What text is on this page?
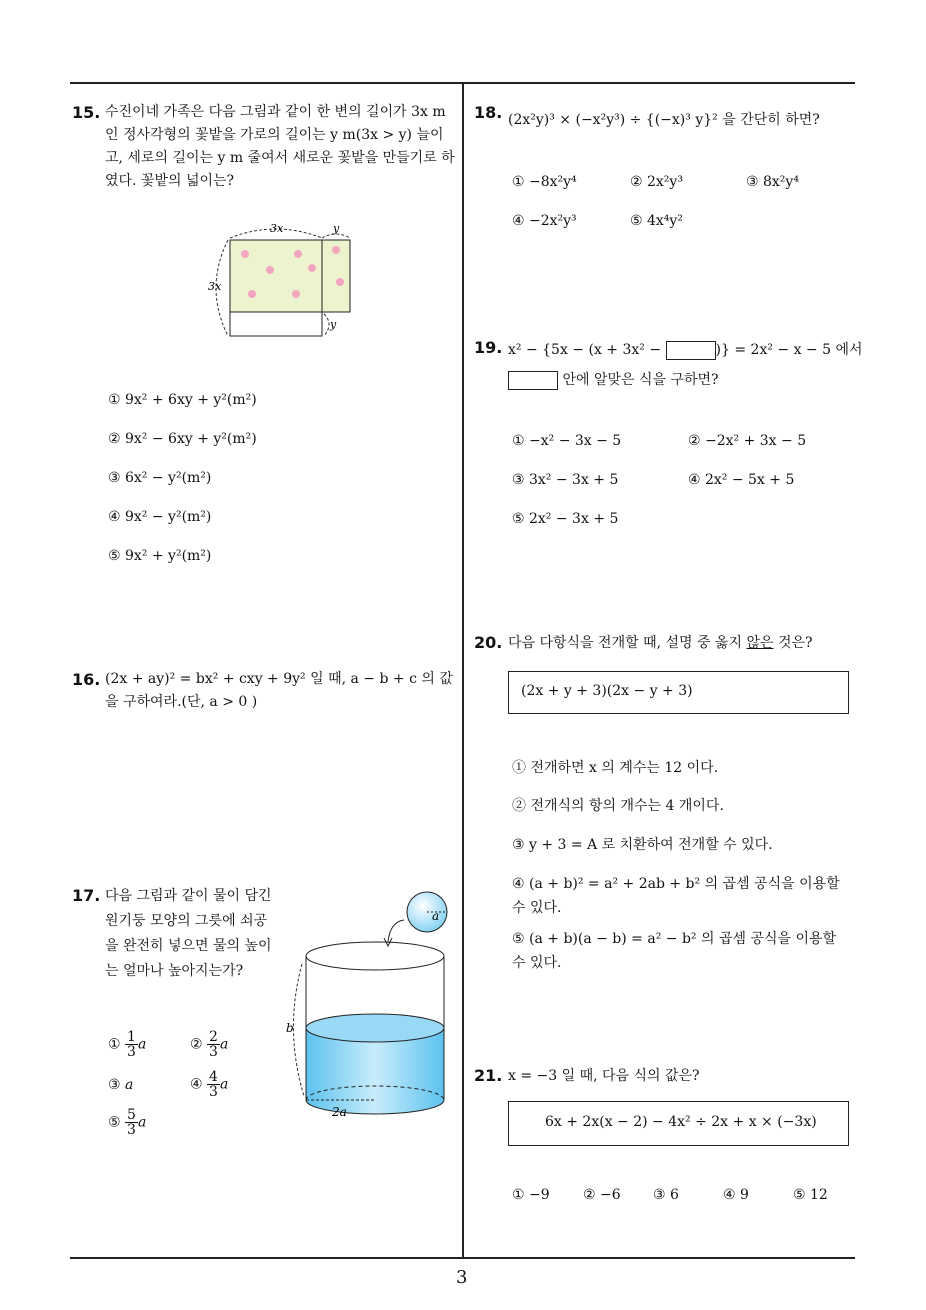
15. 수진이네 가족은 다음 그림과 같이 한 변의 길이가 3x m 인 정사각형의 꽃밭을 가로의 길이는 y m(3x > y) 늘이고, 세로의 길이는 y m 줄여서 새로운 꽃밭을 만들기로 하였다. 꽃밭의 넓이는?
3x	y
3x
y
① 9x² + 6xy + y²(m²)
② 9x² − 6xy + y²(m²)
③ 6x² − y²(m²)
④ 9x² − y²(m²)
⑤ 9x² + y²(m²)
16. (2x + ay)² = bx² + cxy + 9y² 일 때, a − b + c 의 값을 구하여라.(단, a > 0 )
17. 다음 그림과 같이 물이 담긴 원기둥 모양의 그릇에 쇠공을 완전히 넣으면 물의 높이는 얼마나 높아지는가?
① $\frac{1}{3}$ a	② $\frac{2}{3}$ a
③ a	④ $\frac{4}{3}$ a
⑤ $\frac{5}{3}$ a
a
b
2a
18. (2x²y)³ × (−x²y³) ÷ {(−x)³ y}² 을 간단히 하면?
① −8x²y⁴	② 2x²y³	③ 8x²y⁴
④ −2x²y³	⑤ 4x⁴y²
19. x² − {5x − (x + 3x² −	)} = 2x² − x − 5 에서
안에 알맞은 식을 구하면?
① −x² − 3x − 5	② −2x² + 3x − 5
③ 3x² − 3x + 5	④ 2x² − 5x + 5
⑤ 2x² − 3x + 5
20. 다음 다항식을 전개할 때, 설명 중 옳지 않은 것은?
(2x + y + 3)(2x − y + 3)
① 전개하면 x 의 계수는 12 이다.
② 전개식의 항의 개수는 4 개이다.
③ y + 3 = A 로 치환하여 전개할 수 있다.
④ (a + b)² = a² + 2ab + b² 의 곱셈 공식을 이용할 수 있다.
⑤ (a + b)(a − b) = a² − b² 의 곱셈 공식을 이용할 수 있다.
21. x = −3 일 때, 다음 식의 값은?
6x + 2x(x − 2) − 4x² ÷ 2x + x × (−3x)
① −9 ② −6 ③ 6	④ 9	⑤ 12
3
